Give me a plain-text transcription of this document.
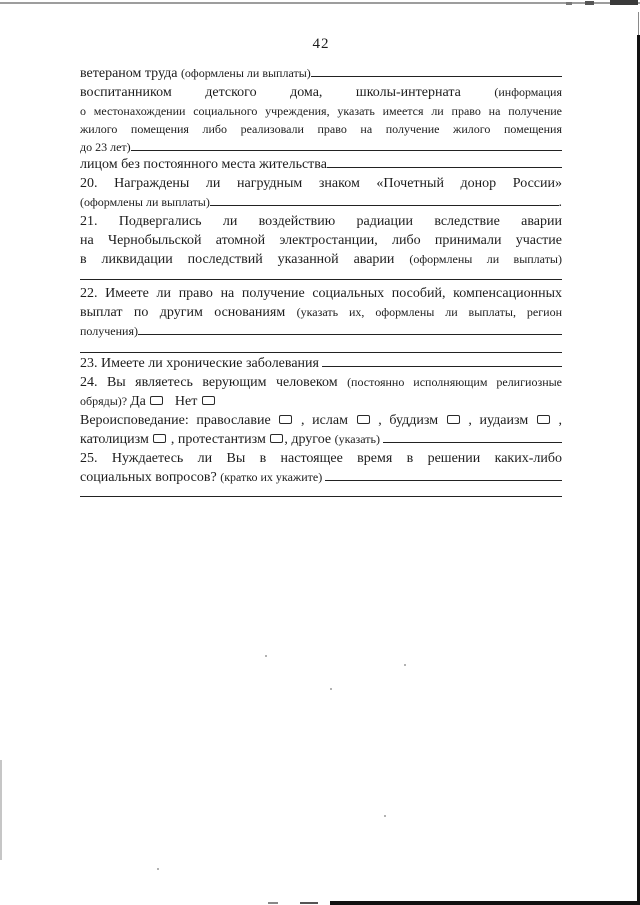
42
ветераном труда (оформлены ли выплаты)
воспитанником детского дома, школы-интерната (информация
о местонахождении социального учреждения, указать имеется ли право на получение
жилого помещения либо реализовали право на получение жилого помещения
до 23 лет)
лицом без постоянного места жительства
20. Награждены ли нагрудным знаком «Почетный донор России»
(оформлены ли выплаты)	.
21. Подвергались ли воздействию радиации вследствие аварии
на Чернобыльской атомной электростанции, либо принимали участие
в ликвидации последствий указанной аварии (оформлены ли выплаты)
22. Имеете ли право на получение социальных пособий, компенсационных
выплат по другим основаниям (указать их, оформлены ли выплаты, регион
получения)
23. Имеете ли хронические заболевания
24. Вы являетесь верующим человеком (постоянно исполняющим религиозные
обряды)? Да Нет
Вероисповедание: православие  , ислам  , буддизм  , иудаизм  ,
католицизм , протестантизм , другое (указать)
25. Нуждаетесь ли Вы в настоящее время в решении каких-либо
социальных вопросов? (кратко их укажите)
